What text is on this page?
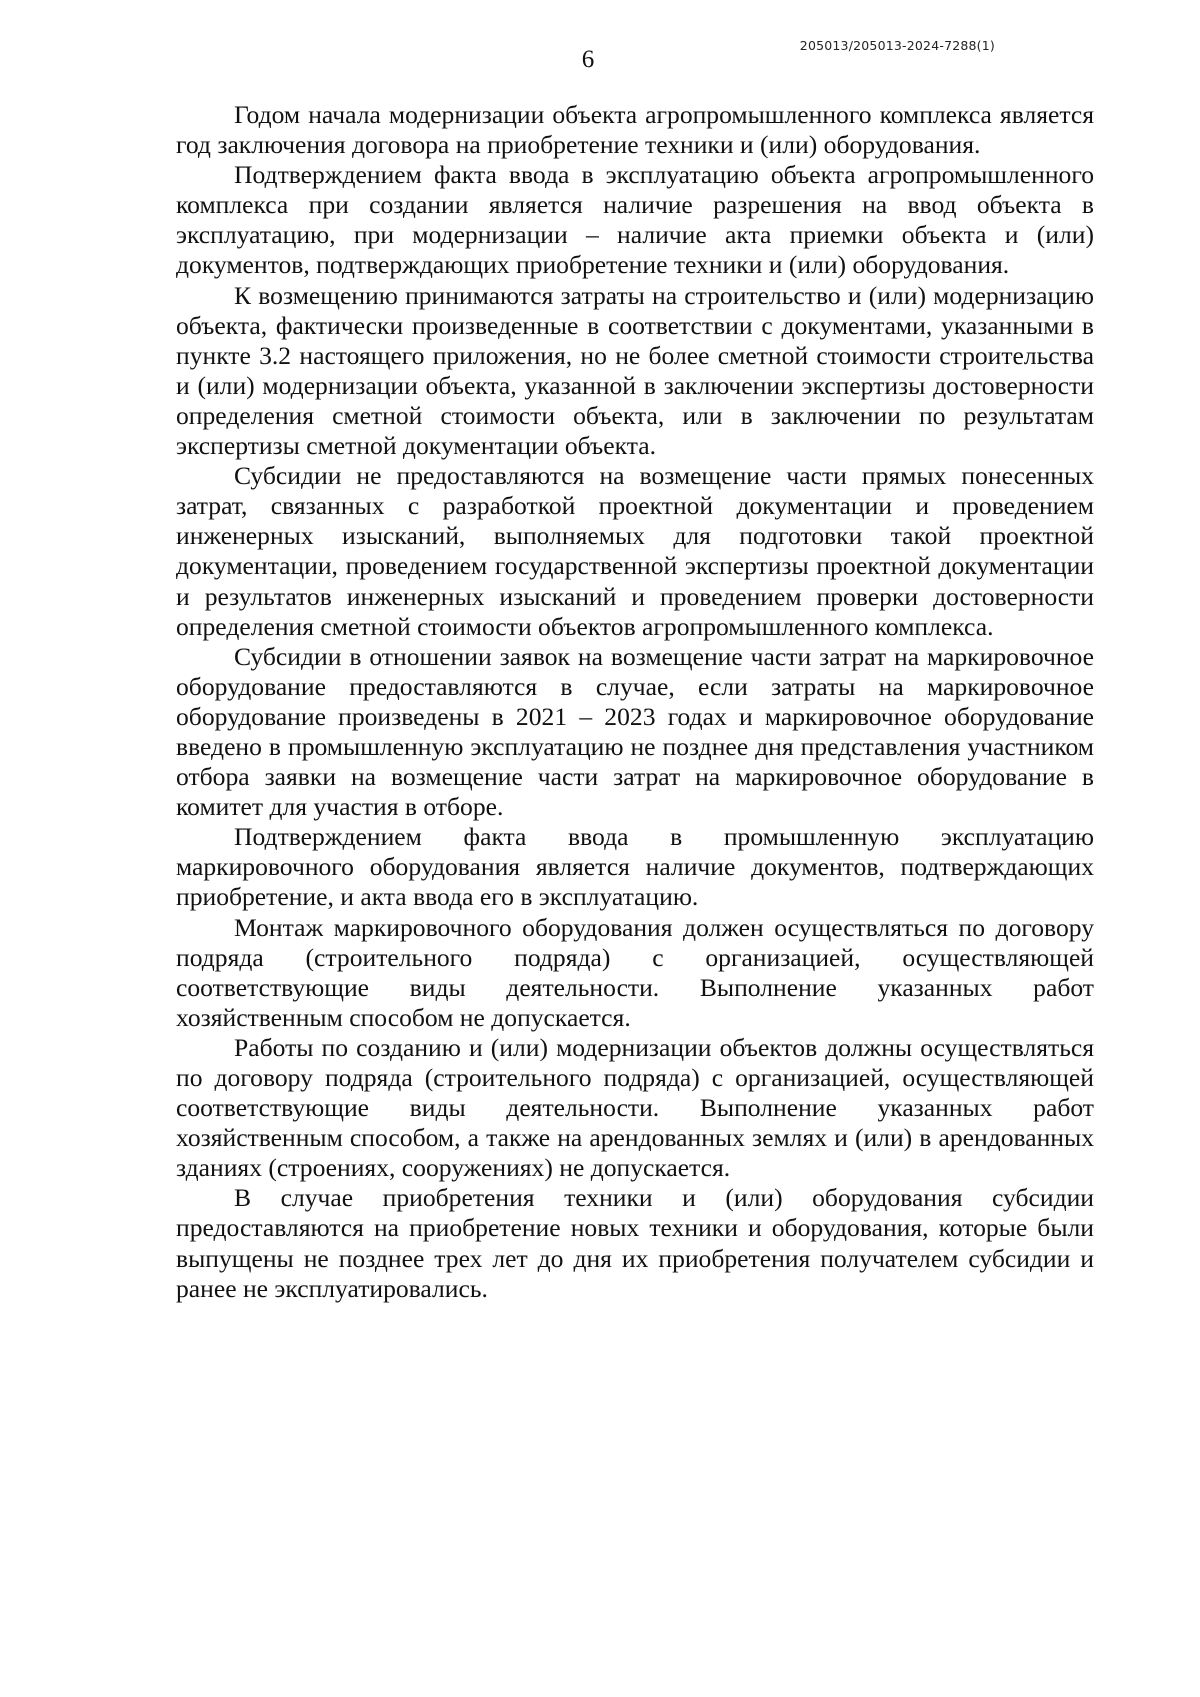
205013/205013-2024-7288(1)
6

Годом начала модернизации объекта агропромышленного комплекса является год заключения договора на приобретение техники и (или) оборудования.

Подтверждением факта ввода в эксплуатацию объекта агропромышленного комплекса при создании является наличие разрешения на ввод объекта в эксплуатацию, при модернизации – наличие акта приемки объекта и (или) документов, подтверждающих приобретение техники и (или) оборудования.

К возмещению принимаются затраты на строительство и (или) модернизацию объекта, фактически произведенные в соответствии с документами, указанными в пункте 3.2 настоящего приложения, но не более сметной стоимости строительства и (или) модернизации объекта, указанной в заключении экспертизы достоверности определения сметной стоимости объекта, или в заключении по результатам экспертизы сметной документации объекта.

Субсидии не предоставляются на возмещение части прямых понесенных затрат, связанных с разработкой проектной документации и проведением инженерных изысканий, выполняемых для подготовки такой проектной документации, проведением государственной экспертизы проектной документации и результатов инженерных изысканий и проведением проверки достоверности определения сметной стоимости объектов агропромышленного комплекса.

Субсидии в отношении заявок на возмещение части затрат на маркировочное оборудование предоставляются в случае, если затраты на маркировочное оборудование произведены в 2021 – 2023 годах и маркировочное оборудование введено в промышленную эксплуатацию не позднее дня представления участником отбора заявки на возмещение части затрат на маркировочное оборудование в комитет для участия в отборе.

Подтверждением факта ввода в промышленную эксплуатацию маркировочного оборудования является наличие документов, подтверждающих приобретение, и акта ввода его в эксплуатацию.

Монтаж маркировочного оборудования должен осуществляться по договору подряда (строительного подряда) с организацией, осуществляющей соответствующие виды деятельности. Выполнение указанных работ хозяйственным способом не допускается.

Работы по созданию и (или) модернизации объектов должны осуществляться по договору подряда (строительного подряда) с организацией, осуществляющей соответствующие виды деятельности. Выполнение указанных работ хозяйственным способом, а также на арендованных землях и (или) в арендованных зданиях (строениях, сооружениях) не допускается.

В случае приобретения техники и (или) оборудования субсидии предоставляются на приобретение новых техники и оборудования, которые были выпущены не позднее трех лет до дня их приобретения получателем субсидии и ранее не эксплуатировались.
